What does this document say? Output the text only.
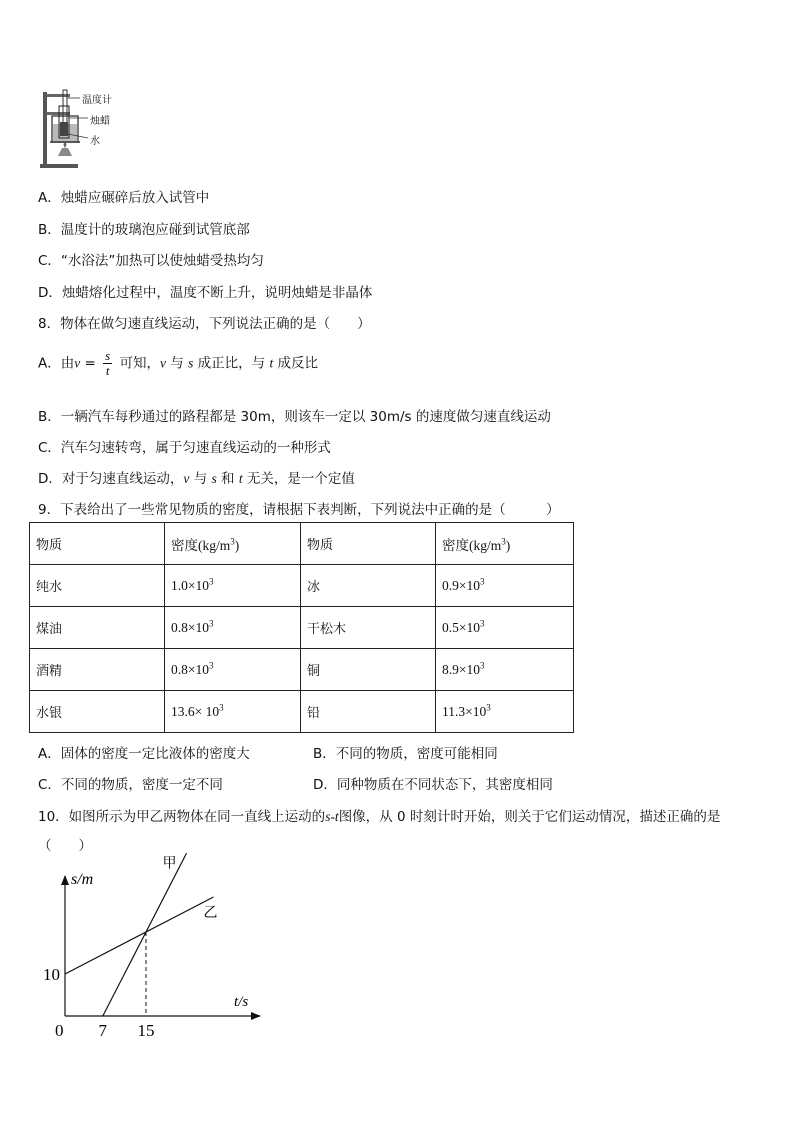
温度计
烛蜡
水
A．烛蜡应碾碎后放入试管中
B．温度计的玻璃泡应碰到试管底部
C．“水浴法”加热可以使烛蜡受热均匀
D．烛蜡熔化过程中，温度不断上升，说明烛蜡是非晶体
8．物体在做匀速直线运动，下列说法正确的是（　　）
A．由$v = \frac{s}{t}$ 可知，v 与 s 成正比，与 t 成反比
B．一辆汽车每秒通过的路程都是 30m，则该车一定以 30m/s 的速度做匀速直线运动
C．汽车匀速转弯，属于匀速直线运动的一种形式
D．对于匀速直线运动，v 与 s 和 t 无关，是一个定值
9．下表给出了一些常见物质的密度，请根据下表判断，下列说法中正确的是（　　　）
物质	密度$(kg/m^3)$	物质	密度$(kg/m^3)$
纯水	$1.0\times 10^3$	冰	$0.9\times 10^3$
煤油	$0.8\times 10^3$	干松木	$0.5\times 10^3$
酒精	$0.8\times 10^3$	铜	$8.9\times 10^3$
水银	$13.6\times 10^3$	铅	$11.3\times 10^3$
A．固体的密度一定比液体的密度大	B．不同的物质，密度可能相同
C．不同的物质，密度一定不同	D．同种物质在不同状态下，其密度相同
10．如图所示为甲乙两物体在同一直线上运动的s-t图像，从 0 时刻计时开始，则关于它们运动情况，描述正确的是
（　　）
s/m
t/s
甲
乙
0 7 15
10
